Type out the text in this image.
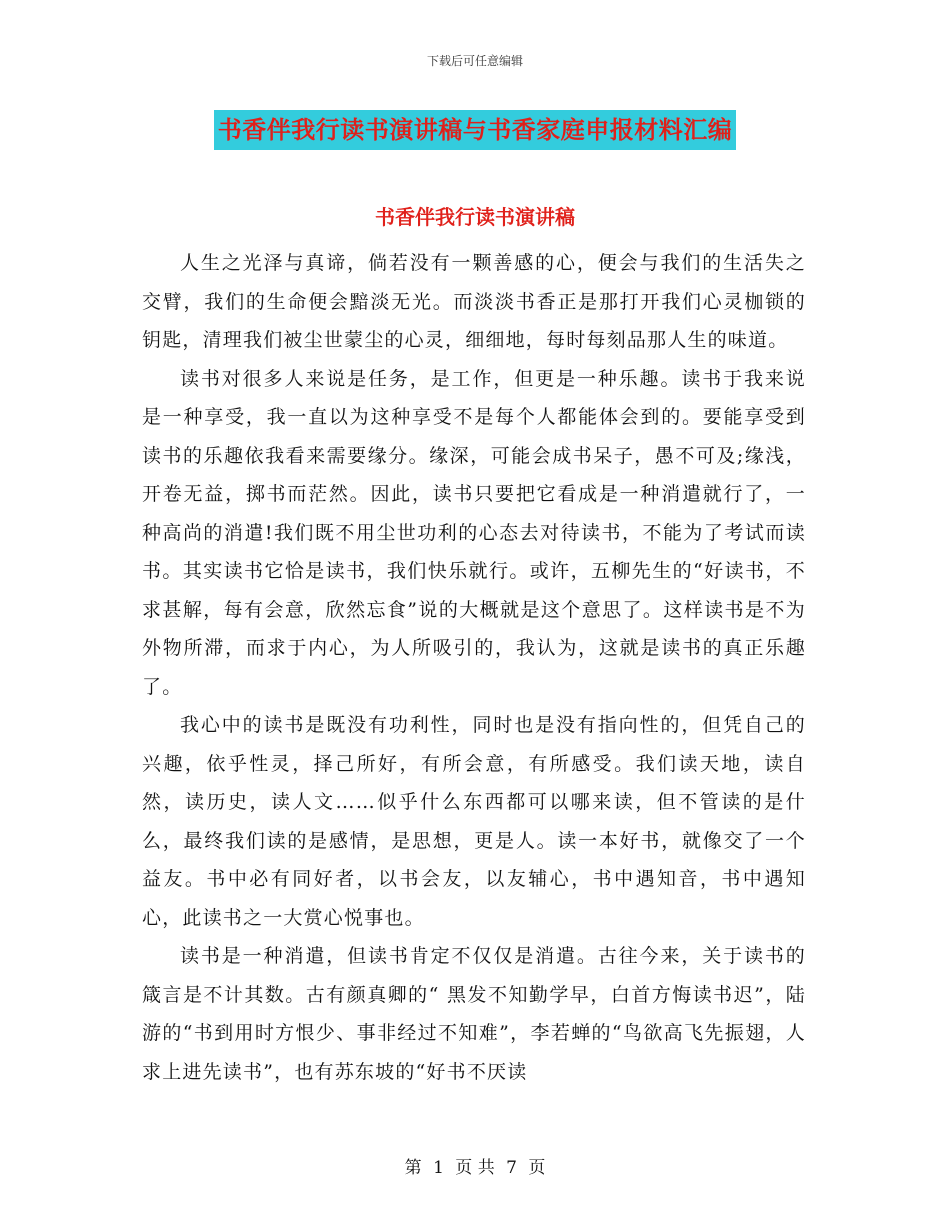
下载后可任意编辑
书香伴我行读书演讲稿与书香家庭申报材料汇编
书香伴我行读书演讲稿

人生之光泽与真谛，倘若没有一颗善感的心，便会与我们的生活失之交臂，我们的生命便会黯淡无光。而淡淡书香正是那打开我们心灵枷锁的钥匙，清理我们被尘世蒙尘的心灵，细细地，每时每刻品那人生的味道。

读书对很多人来说是任务，是工作，但更是一种乐趣。读书于我来说是一种享受，我一直以为这种享受不是每个人都能体会到的。要能享受到读书的乐趣依我看来需要缘分。缘深，可能会成书呆子，愚不可及;缘浅，开卷无益，掷书而茫然。因此，读书只要把它看成是一种消遣就行了，一种高尚的消遣!我们既不用尘世功利的心态去对待读书，不能为了考试而读书。其实读书它恰是读书，我们快乐就行。或许，五柳先生的“好读书，不求甚解，每有会意，欣然忘食”说的大概就是这个意思了。这样读书是不为外物所滞，而求于内心，为人所吸引的，我认为，这就是读书的真正乐趣了。

我心中的读书是既没有功利性，同时也是没有指向性的，但凭自己的兴趣，依乎性灵，择己所好，有所会意，有所感受。我们读天地，读自然，读历史，读人文……似乎什么东西都可以哪来读，但不管读的是什么，最终我们读的是感情，是思想，更是人。读一本好书，就像交了一个益友。书中必有同好者，以书会友，以友辅心，书中遇知音，书中遇知心，此读书之一大赏心悦事也。

读书是一种消遣，但读书肯定不仅仅是消遣。古往今来，关于读书的箴言是不计其数。古有颜真卿的“ 黑发不知勤学早，白首方悔读书迟”，陆游的“书到用时方恨少、事非经过不知难”，李若蝉的“鸟欲高飞先振翅，人求上进先读书”，也有苏东坡的“好书不厌读

第 1 页 共 7 页
